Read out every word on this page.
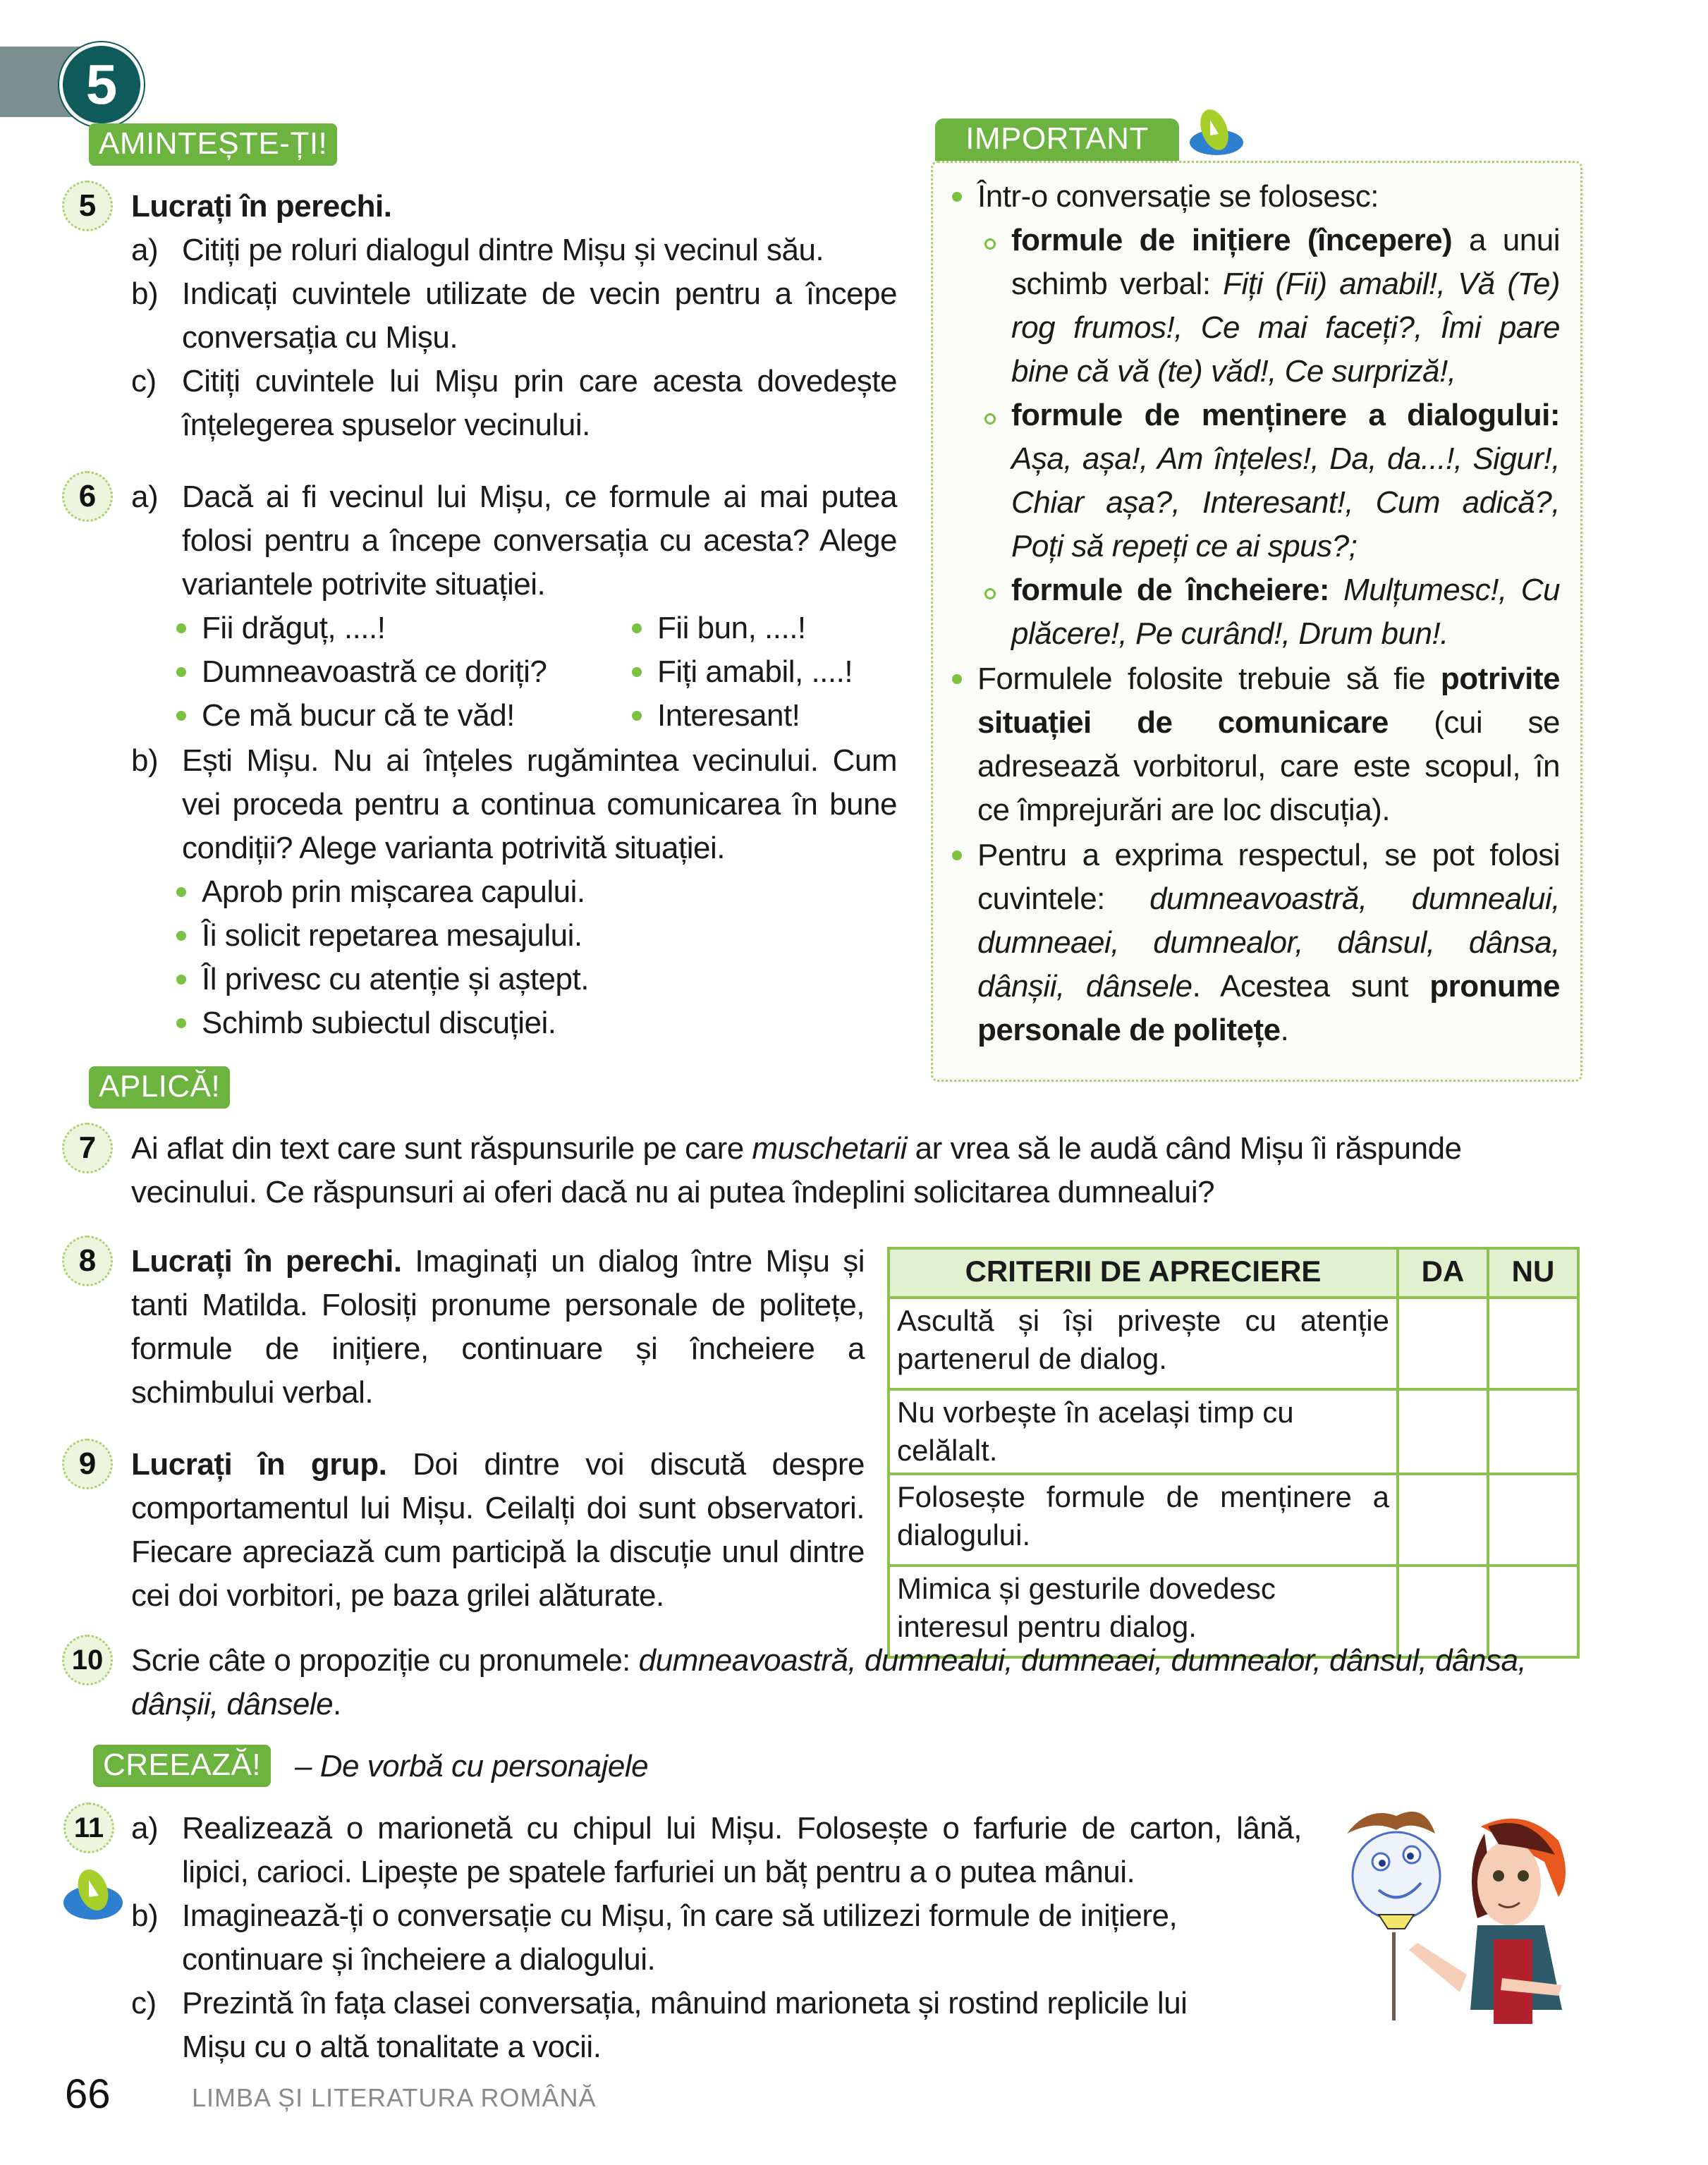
5
AMINTEȘTE-ȚI!
5	Lucrați în perechi.
a) Citiți pe roluri dialogul dintre Mișu și vecinul său.
b) Indicați cuvintele utilizate de vecin pentru a începe conversația cu Mișu.
c) Citiți cuvintele lui Mișu prin care acesta dovedește înțelegerea spuselor vecinului.
6	a) Dacă ai fi vecinul lui Mișu, ce formule ai mai putea folosi pentru a începe conversația cu acesta? Alege variantele potrivite situației.
Fii drăguț, ....!	Fii bun, ....!
Dumneavoastră ce doriți?	Fiți amabil, ....!
Ce mă bucur că te văd!	Interesant!
b) Ești Mișu. Nu ai înțeles rugămintea vecinului. Cum vei proceda pentru a continua comunicarea în bune condiții? Alege varianta potrivită situației.
Aprob prin mișcarea capului.
Îi solicit repetarea mesajului.
Îl privesc cu atenție și aștept.
Schimb subiectul discuției.
IMPORTANT
Într-o conversație se folosesc:
formule de inițiere (începere) a unui schimb verbal: Fiți (Fii) amabil!, Vă (Te) rog frumos!, Ce mai faceți?, Îmi pare bine că vă (te) văd!, Ce surpriză!,
formule de menținere a dialogului: Așa, așa!, Am înțeles!, Da, da...!, Sigur!, Chiar așa?, Interesant!, Cum adică?, Poți să repeți ce ai spus?;
formule de încheiere: Mulțumesc!, Cu plăcere!, Pe curând!, Drum bun!.
Formulele folosite trebuie să fie potrivite situației de comunicare (cui se adresează vorbitorul, care este scopul, în ce împrejurări are loc discuția).
Pentru a exprima respectul, se pot folosi cuvintele: dumneavoastră, dumnealui, dumneaei, dumnealor, dânsul, dânsa, dânșii, dânsele. Acestea sunt pronume personale de politețe.
APLICĂ!
7	Ai aflat din text care sunt răspunsurile pe care muschetarii ar vrea să le audă când Mișu îi răspunde vecinului. Ce răspunsuri ai oferi dacă nu ai putea îndeplini solicitarea dumnealui?
8	Lucrați în perechi. Imaginați un dialog între Mișu și tanti Matilda. Folosiți pronume personale de politețe, formule de inițiere, continuare și încheiere a schimbului verbal.
9	Lucrați în grup. Doi dintre voi discută despre comportamentul lui Mișu. Ceilalți doi sunt observatori. Fiecare apreciază cum participă la discuție unul dintre cei doi vorbitori, pe baza grilei alăturate.
CRITERII DE APRECIERE	DA	NU
Ascultă și își privește cu atenție partenerul de dialog.		
Nu vorbește în același timp cu celălalt.		
Folosește formule de menținere a dialogului.		
Mimica și gesturile dovedesc interesul pentru dialog.		
10 Scrie câte o propoziție cu pronumele: dumneavoastră, dumnealui, dumneaei, dumnealor, dânsul, dânsa, dânșii, dânsele.
CREEAZĂ!	– De vorbă cu personajele
11 a) Realizează o marionetă cu chipul lui Mișu. Folosește o farfurie de carton, lână, lipici, carioci. Lipește pe spatele farfuriei un băț pentru a o putea mânui.
b) Imaginează-ți o conversație cu Mișu, în care să utilizezi formule de inițiere, continuare și încheiere a dialogului.
c) Prezintă în fața clasei conversația, mânuind marioneta și rostind replicile lui Mișu cu o altă tonalitate a vocii.
66	LIMBA ȘI LITERATURA ROMÂNĂ
